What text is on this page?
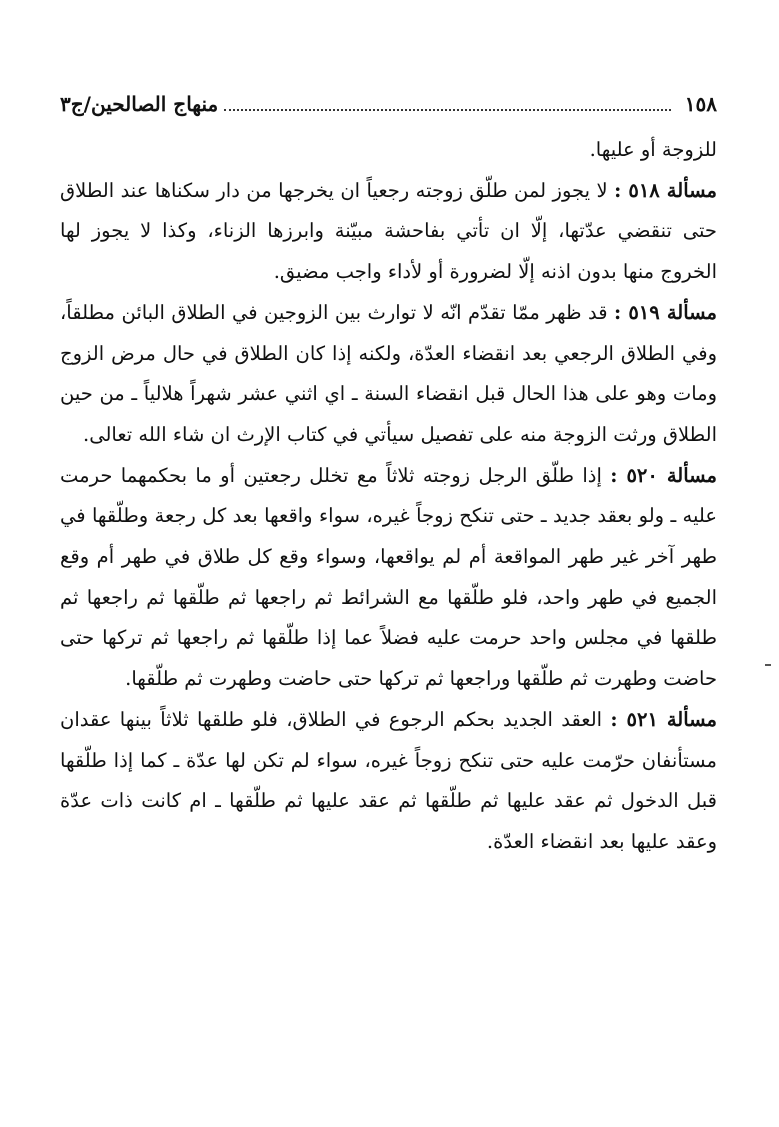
١٥٨
منهاج الصالحين/ج٣

للزوجة أو عليها.

مسألة ٥١٨ : لا يجوز لمن طلّق زوجته رجعياً ان يخرجها من دار سكناها عند الطلاق حتى تنقضي عدّتها، إلّا ان تأتي بفاحشة مبيّنة وابرزها الزناء، وكذا لا يجوز لها الخروج منها بدون اذنه إلّا لضرورة أو لأداء واجب مضيق.

مسألة ٥١٩ : قد ظهر ممّا تقدّم انّه لا توارث بين الزوجين في الطلاق البائن مطلقاً، وفي الطلاق الرجعي بعد انقضاء العدّة، ولكنه إذا كان الطلاق في حال مرض الزوج ومات وهو على هذا الحال قبل انقضاء السنة ـ اي اثني عشر شهراً هلالياً ـ من حين الطلاق ورثت الزوجة منه على تفصيل سيأتي في كتاب الإرث ان شاء الله تعالى.

مسألة ٥٢٠ : إذا طلّق الرجل زوجته ثلاثاً مع تخلل رجعتين أو ما بحكمهما حرمت عليه ـ ولو بعقد جديد ـ حتى تنكح زوجاً غيره، سواء واقعها بعد كل رجعة وطلّقها في طهر آخر غير طهر المواقعة أم لم يواقعها، وسواء وقع كل طلاق في طهر أم وقع الجميع في طهر واحد، فلو طلّقها مع الشرائط ثم راجعها ثم طلّقها ثم راجعها ثم طلقها في مجلس واحد حرمت عليه فضلاً عما إذا طلّقها ثم راجعها ثم تركها حتى حاضت وطهرت ثم طلّقها وراجعها ثم تركها حتى حاضت وطهرت ثم طلّقها.

مسألة ٥٢١ : العقد الجديد بحكم الرجوع في الطلاق، فلو طلقها ثلاثاً بينها عقدان مستأنفان حرّمت عليه حتى تنكح زوجاً غيره، سواء لم تكن لها عدّة ـ كما إذا طلّقها قبل الدخول ثم عقد عليها ثم طلّقها ثم عقد عليها ثم طلّقها ـ ام كانت ذات عدّة وعقد عليها بعد انقضاء العدّة.
